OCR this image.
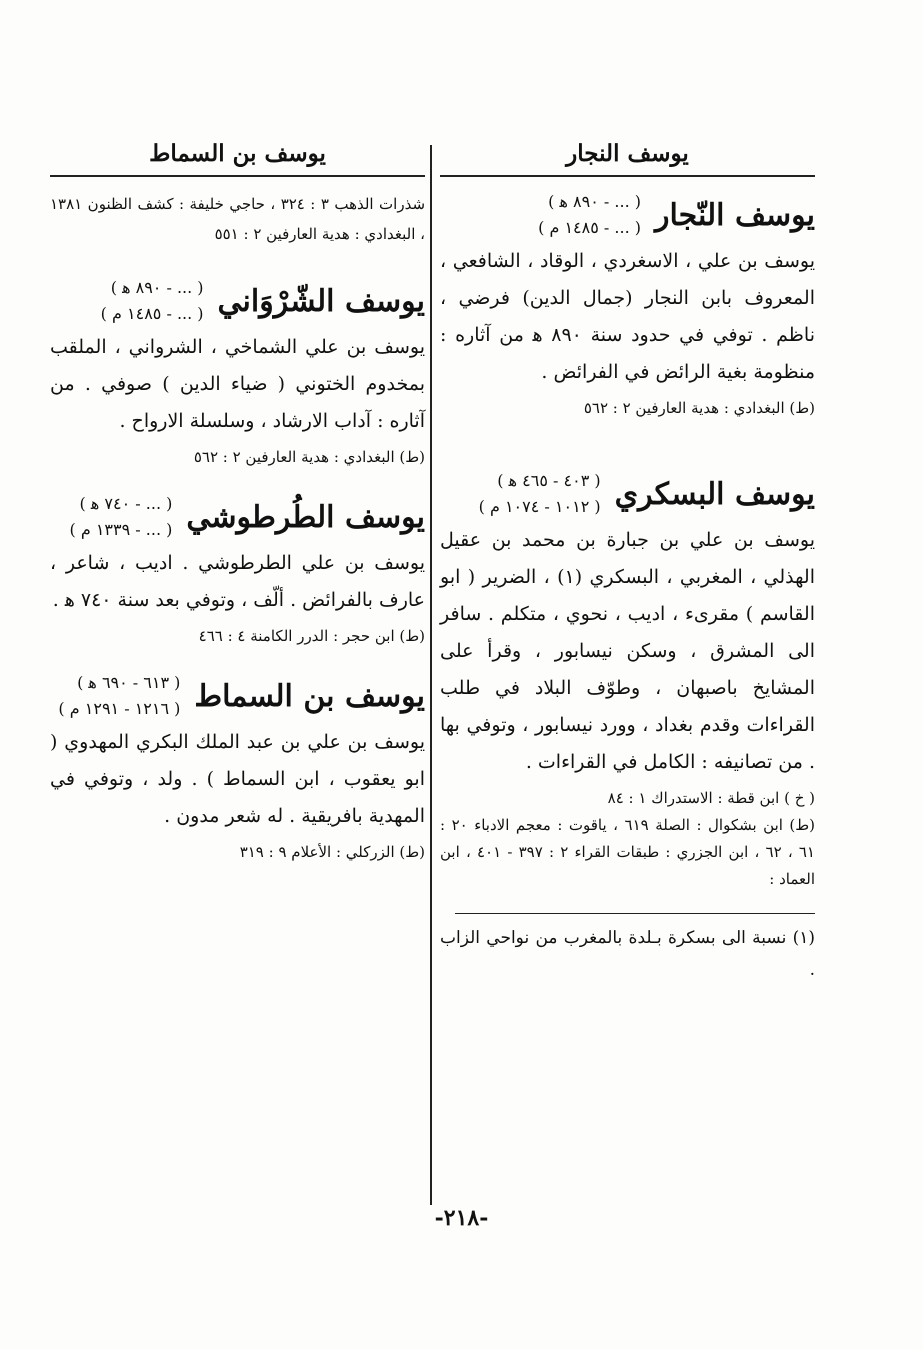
يوسف النجار
يوسف النّجار
( ... - ٨٩٠ ﻫ )
( ... - ١٤٨٥ م )
يوسف بن علي ، الاسغردي ، الوقاد ، الشافعي ، المعروف بابن النجار (جمال الدين) فرضي ، ناظم . توفي في حدود سنة ٨٩٠ ﻫ من آثاره : منظومة بغية الرائض في الفرائض .
(ط) البغدادي : هدية العارفين ٢ : ٥٦٢
يوسف البسكري
( ٤٠٣ - ٤٦٥ ﻫ )
( ١٠١٢ - ١٠٧٤ م )
يوسف بن علي بن جبارة بن محمد بن عقيل الهذلي ، المغربي ، البسكري (١) ، الضرير ( ابو القاسم ) مقرىء ، اديب ، نحوي ، متكلم . سافر الى المشرق ، وسكن نيسابور ، وقرأ على المشايخ باصبهان ، وطوّف البلاد في طلب القراءات وقدم بغداد ، وورد نيسابور ، وتوفي بها . من تصانيفه : الكامل في القراءات .
( خ ) ابن قطة : الاستدراك ١ : ٨٤
(ط) ابن بشكوال : الصلة ٦١٩ ، ياقوت : معجم الادباء ٢٠ : ٦١ ، ٦٢ ، ابن الجزري : طبقات القراء ٢ : ٣٩٧ - ٤٠١ ، ابن العماد :
(١) نسبة الى بسكرة بـلدة بالمغرب من نواحي الزاب .
يوسف بن السماط
شذرات الذهب ٣ : ٣٢٤ ، حاجي خليفة : كشف الظنون ١٣٨١ ، البغدادي : هدية العارفين ٢ : ٥٥١
يوسف الشّرْوَاني
( ... - ٨٩٠ ﻫ )
( ... - ١٤٨٥ م )
يوسف بن علي الشماخي ، الشرواني ، الملقب بمخدوم الختوني ( ضياء الدين ) صوفي . من آثاره : آداب الارشاد ، وسلسلة الارواح .
(ط) البغدادي : هدية العارفين ٢ : ٥٦٢
يوسف الطُرطوشي
( ... - ٧٤٠ ﻫ )
( ... - ١٣٣٩ م )
يوسف بن علي الطرطوشي . اديب ، شاعر ، عارف بالفرائض . ألّف ، وتوفي بعد سنة ٧٤٠ ﻫ .
(ط) ابن حجر : الدرر الكامنة ٤ : ٤٦٦
يوسف بن السماط
( ٦١٣ - ٦٩٠ ﻫ )
( ١٢١٦ - ١٢٩١ م )
يوسف بن علي بن عبد الملك البكري المهدوي ( ابو يعقوب ، ابن السماط ) . ولد ، وتوفي في المهدية بافريقية . له شعر مدون .
(ط) الزركلي : الأعلام ٩ : ٣١٩
-٢١٨-
